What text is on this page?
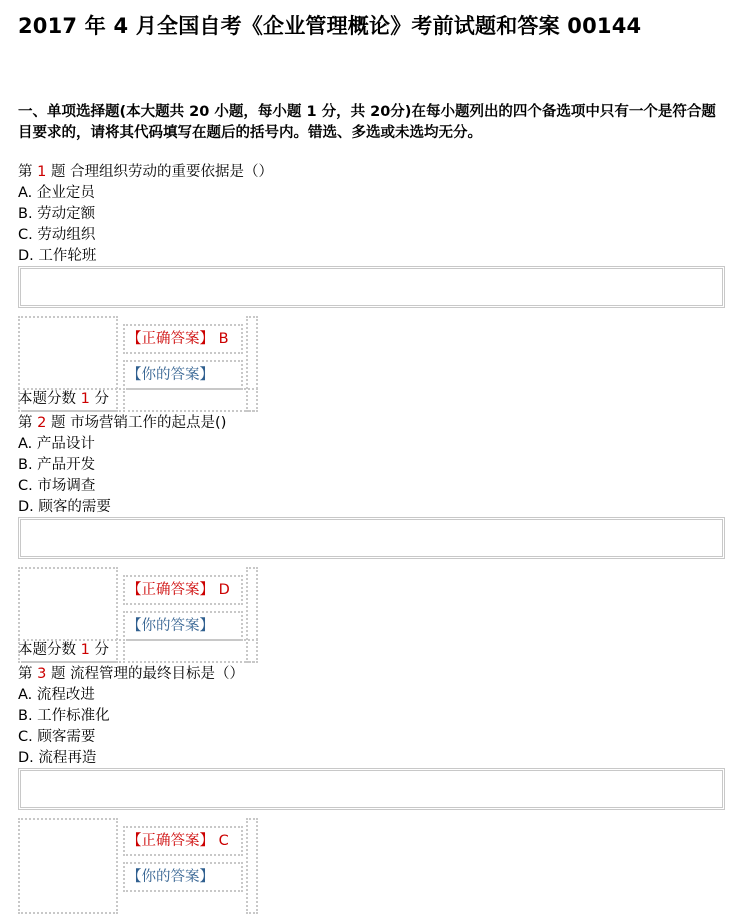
2017 年 4 月全国自考《企业管理概论》考前试题和答案 00144

一、单项选择题(本大题共 20 小题，每小题 1 分，共 20分)在每小题列出的四个备选项中只有一个是符合题目要求的，请将其代码填写在题后的括号内。错选、多选或未选均无分。

第 1 题 合理组织劳动的重要依据是（）
A. 企业定员
B. 劳动定额
C. 劳动组织
D. 工作轮班
【正确答案】 B
【你的答案】
本题分数 1 分
第 2 题 市场营销工作的起点是()
A. 产品设计
B. 产品开发
C. 市场调查
D. 顾客的需要
【正确答案】 D
【你的答案】
本题分数 1 分
第 3 题 流程管理的最终目标是（）
A. 流程改进
B. 工作标准化
C. 顾客需要
D. 流程再造
【正确答案】 C
【你的答案】
